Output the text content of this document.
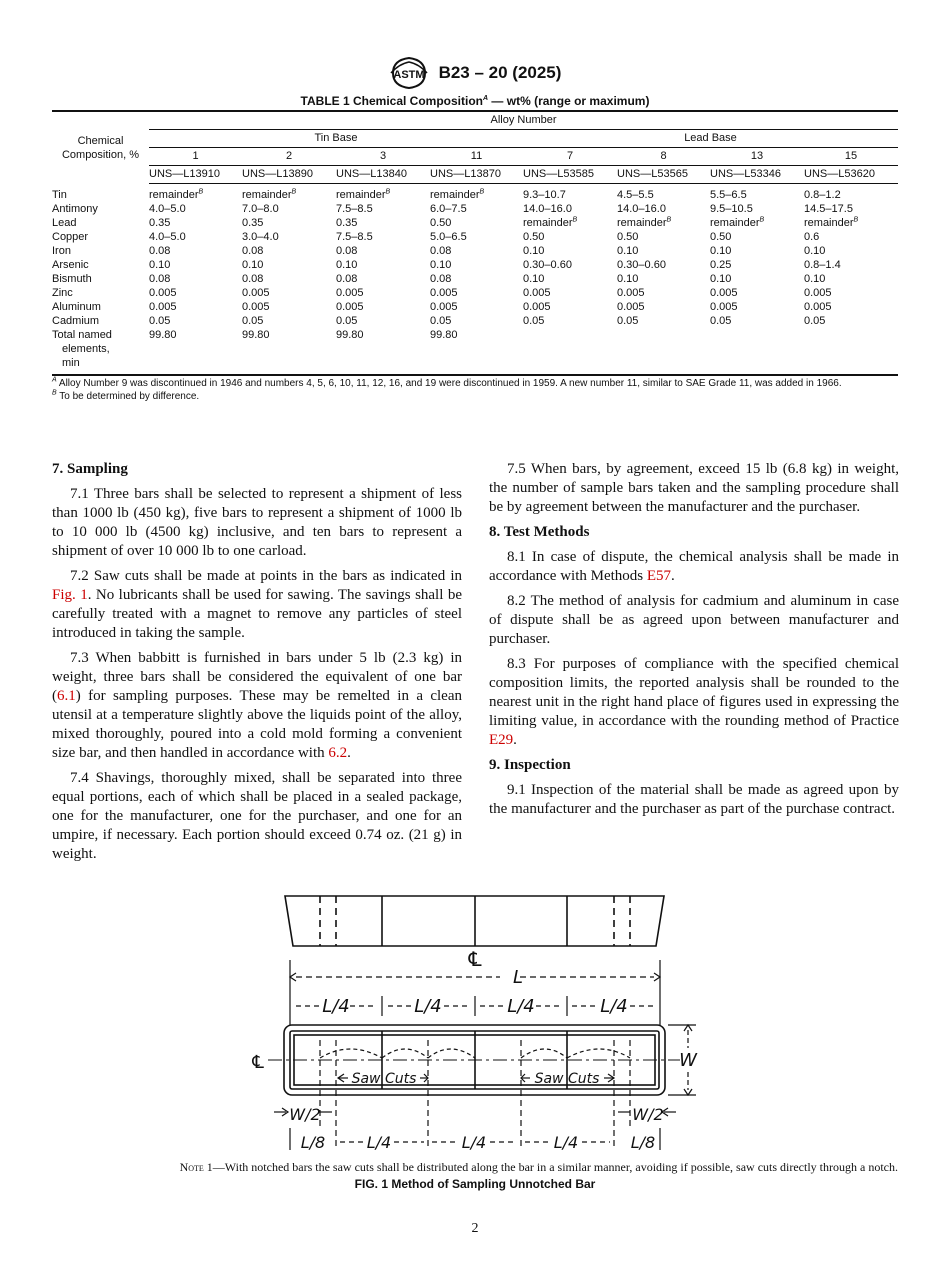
ASTM B23 – 20 (2025)
TABLE 1 Chemical Composition$^A$ — wt% (range or maximum)
Chemical
Composition, %	Alloy Number							
	Tin Base				Lead Base			
	1	2	3	11	7	8	13	15
	UNS—L13910	UNS—L13890	UNS—L13840	UNS—L13870	UNS—L53585	UNS—L53565	UNS—L53346	UNS—L53620

Tin	remainder$^B$	remainder$^B$	remainder$^B$	remainder$^B$	9.3–10.7	4.5–5.5	5.5–6.5	0.8–1.2
Antimony	4.0–5.0	7.0–8.0	7.5–8.5	6.0–7.5	14.0–16.0	14.0–16.0	9.5–10.5	14.5–17.5
Lead	0.35	0.35	0.35	0.50	remainder$^B$	remainder$^B$	remainder$^B$	remainder$^B$
Copper	4.0–5.0	3.0–4.0	7.5–8.5	5.0–6.5	0.50	0.50	0.50	0.6
Iron	0.08	0.08	0.08	0.08	0.10	0.10	0.10	0.10
Arsenic	0.10	0.10	0.10	0.10	0.30–0.60	0.30–0.60	0.25	0.8–1.4
Bismuth	0.08	0.08	0.08	0.08	0.10	0.10	0.10	0.10
Zinc	0.005	0.005	0.005	0.005	0.005	0.005	0.005	0.005
Aluminum	0.005	0.005	0.005	0.005	0.005	0.005	0.005	0.005
Cadmium	0.05	0.05	0.05	0.05	0.05	0.05	0.05	0.05
Total named
elements,
min	99.80	99.80	99.80	99.80				
$^A$ Alloy Number 9 was discontinued in 1946 and numbers 4, 5, 6, 10, 11, 12, 16, and 19 were discontinued in 1959. A new number 11, similar to SAE Grade 11, was added in 1966.
$^B$ To be determined by difference.
7. Sampling

7.1 Three bars shall be selected to represent a shipment of less than 1000 lb (450 kg), five bars to represent a shipment of 1000 lb to 10 000 lb (4500 kg) inclusive, and ten bars to represent a shipment of over 10 000 lb to one carload.

7.2 Saw cuts shall be made at points in the bars as indicated in Fig. 1. No lubricants shall be used for sawing. The savings shall be carefully treated with a magnet to remove any particles of steel introduced in taking the sample.

7.3 When babbitt is furnished in bars under 5 lb (2.3 kg) in weight, three bars shall be considered the equivalent of one bar (6.1) for sampling purposes. These may be remelted in a clean utensil at a temperature slightly above the liquids point of the alloy, mixed thoroughly, poured into a cold mold forming a convenient size bar, and then handled in accordance with 6.2.

7.4 Shavings, thoroughly mixed, shall be separated into three equal portions, each of which shall be placed in a sealed package, one for the manufacturer, one for the purchaser, and one for an umpire, if necessary. Each portion should exceed 0.74 oz. (21 g) in weight.

7.5 When bars, by agreement, exceed 15 lb (6.8 kg) in weight, the number of sample bars taken and the sampling procedure shall be by agreement between the manufacturer and the purchaser.

8. Test Methods

8.1 In case of dispute, the chemical analysis shall be made in accordance with Methods E57.

8.2 The method of analysis for cadmium and aluminum in case of dispute shall be as agreed upon between manufacturer and purchaser.

8.3 For purposes of compliance with the specified chemical composition limits, the reported analysis shall be rounded to the nearest unit in the right hand place of figures used in expressing the limiting value, in accordance with the rounding method of Practice E29.

9. Inspection

9.1 Inspection of the material shall be made as agreed upon by the manufacturer and the purchaser as part of the purchase contract.

℄
L
L/4	L/4	L/4	L/4
℄
Saw Cuts	Saw Cuts
W
W/2	W/2
L/8	L/4	L/4	L/4	L/8
Note 1—With notched bars the saw cuts shall be distributed along the bar in a similar manner, avoiding if possible, saw cuts directly through a notch.
FIG. 1 Method of Sampling Unnotched Bar
2
